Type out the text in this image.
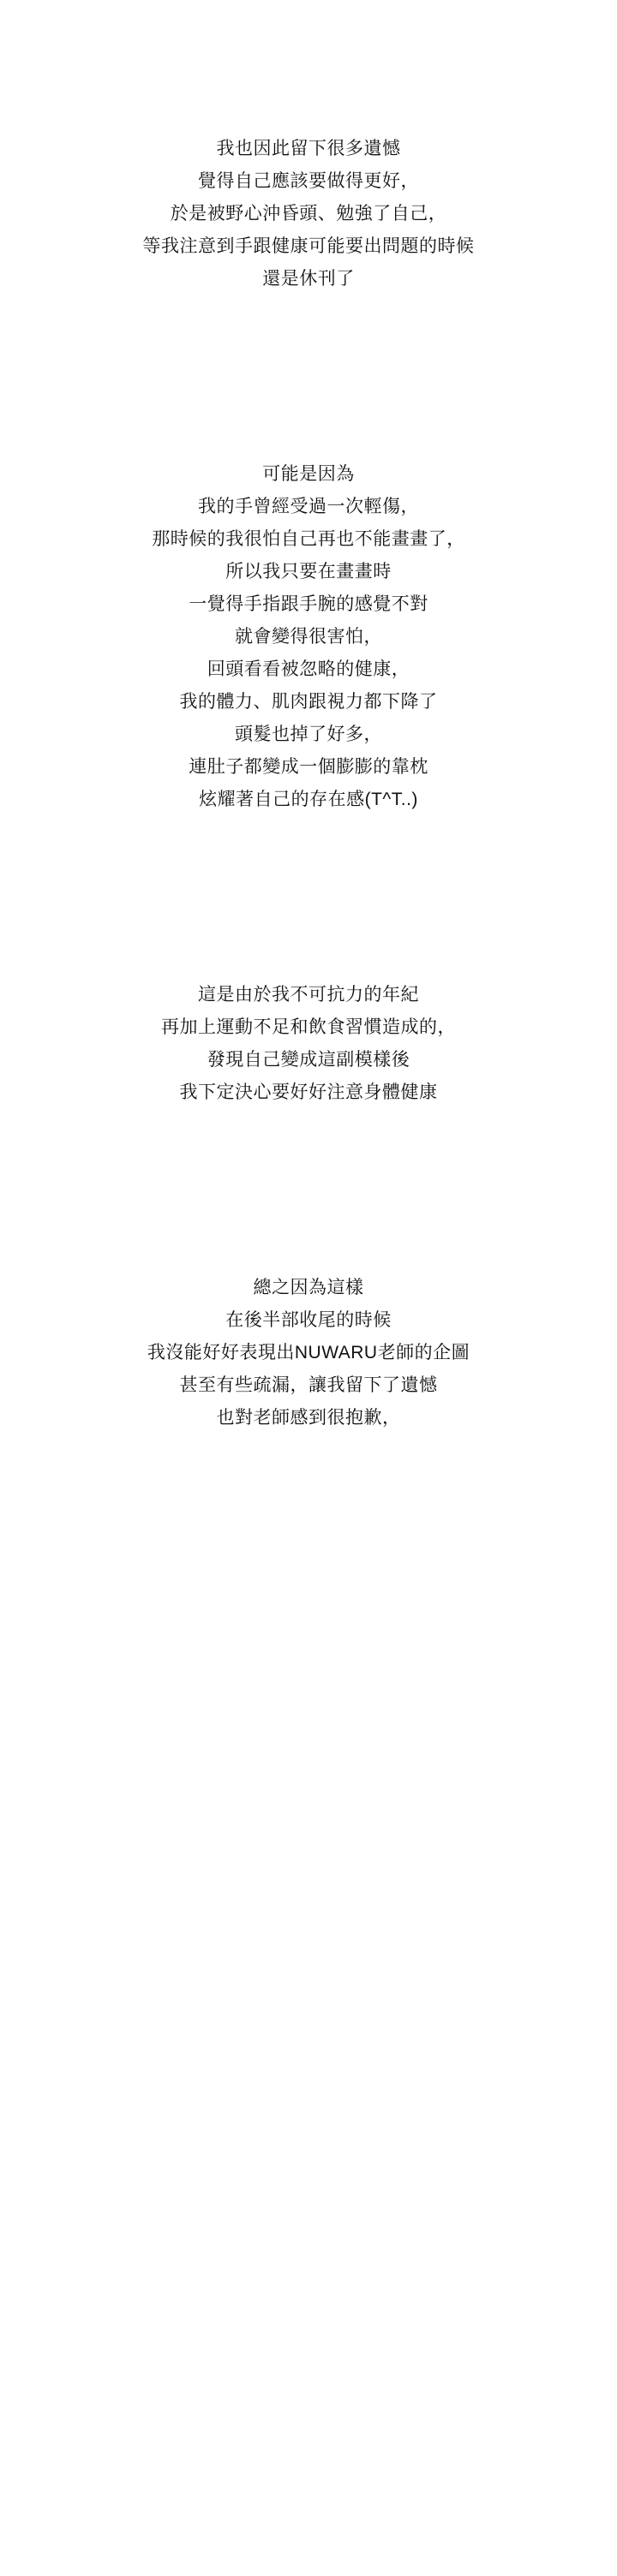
我也因此留下很多遺憾
覺得自己應該要做得更好，
於是被野心沖昏頭、勉強了自己，
等我注意到手跟健康可能要出問題的時候
還是休刊了
可能是因為
我的手曾經受過一次輕傷，
那時候的我很怕自己再也不能畫畫了，
所以我只要在畫畫時
一覺得手指跟手腕的感覺不對
就會變得很害怕，
回頭看看被忽略的健康，
我的體力、肌肉跟視力都下降了
頭髮也掉了好多，
連肚子都變成一個膨膨的靠枕
炫耀著自己的存在感(T^T..)
這是由於我不可抗力的年紀
再加上運動不足和飲食習慣造成的，
發現自己變成這副模樣後
我下定決心要好好注意身體健康
總之因為這樣
在後半部收尾的時候
我沒能好好表現出NUWARU老師的企圖
甚至有些疏漏，讓我留下了遺憾
也對老師感到很抱歉，
